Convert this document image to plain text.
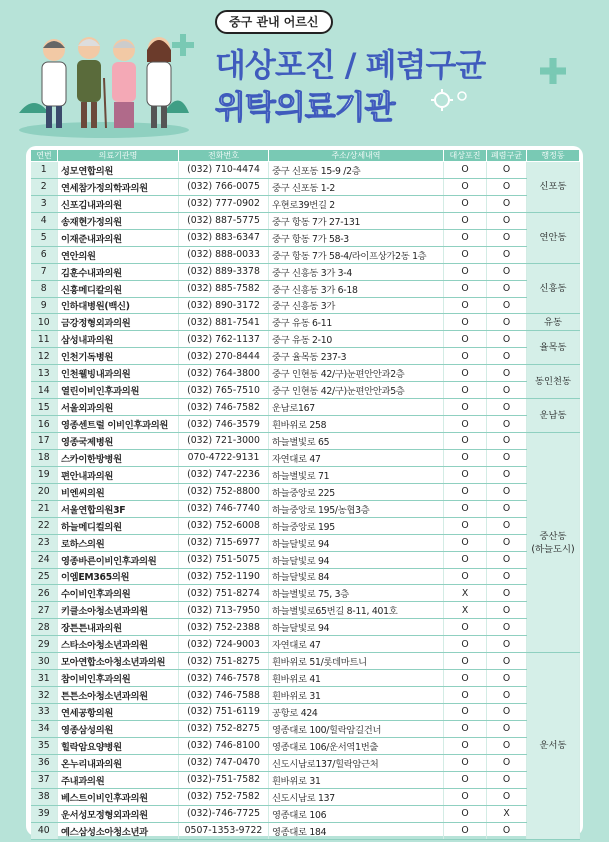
중구 관내 어르신
대상포진 / 폐렴구균
위탁의료기관
연번	의료기관명	전화번호	주소/상세내역	대상포진	폐렴구균	행정동
1	성모연합의원	(032) 710-4474	중구 신포동 15-9 /2층	O	O	신포동
2	연세참가정의학과의원	(032) 766-0075	중구 신포동 1-2	O	O	
3	신포김내과의원	(032) 777-0902	우현로39번길 2	O	O	
4	송재현가정의원	(032) 887-5775	중구 항동 7가 27-131	O	O	연안동
5	이재준내과의원	(032) 883-6347	중구 항동 7가 58-3	O	O	
6	연안의원	(032) 888-0033	중구 항동 7가 58-4/라이프상가2동 1층	O	O	
7	김훈수내과의원	(032) 889-3378	중구 신흥동 3가 3-4	O	O	신흥동
8	신흥메디칼의원	(032) 885-7582	중구 신흥동 3가 6-18	O	O	
9	인하대병원(백신)	(032) 890-3172	중구 신흥동 3가	O	O	
10	금강정형외과의원	(032) 881-7541	중구 유동 6-11	O	O	유동
11	삼성내과의원	(032) 762-1137	중구 유동 2-10	O	O	율목동
12	인천기독병원	(032) 270-8444	중구 율목동 237-3	O	O	
13	인천웰빙내과의원	(032) 764-3800	중구 인현동 42/구)눈편안안과2층	O	O	동인천동
14	열린이비인후과의원	(032) 765-7510	중구 인현동 42/구)눈편안안과5층	O	O	
15	서울외과의원	(032) 746-7582	운남로167	O	O	운남동
16	영종센트럴 이비인후과의원	(032) 746-3579	흰바위로 258	O	O	
17	영종국제병원	(032) 721-3000	하늘별빛로 65	O	O	중산동
(하늘도시)
18	스카이한방병원	070-4722-9131	자연대로 47	O	O	
19	편안내과의원	(032) 747-2236	하늘별빛로 71	O	O	
20	비엔씨의원	(032) 752-8800	하늘중앙로 225	O	O	
21	서울연합의원3F	(032) 746-7740	하늘중앙로 195/농협3층	O	O	
22	하늘메디컬의원	(032) 752-6008	하늘중앙로 195	O	O	
23	로하스의원	(032) 715-6977	하늘달빛로 94	O	O	
24	영종바른이비인후과의원	(032) 751-5075	하늘달빛로 94	O	O	
25	이엠EM365의원	(032) 752-1190	하늘달빛로 84	O	O	
26	수이비인후과의원	(032) 751-8274	하늘별빛로 75, 3층	X	O	
27	키클소아청소년과의원	(032) 713-7950	하늘별빛로65번길 8-11, 401호	X	O	
28	장튼튼내과의원	(032) 752-2388	하늘달빛로 94	O	O	
29	스타소아청소년과의원	(032) 724-9003	자연대로 47	O	O	
30	모아연합소아청소년과의원	(032) 751-8275	흰바위로 51/롯데마트니	O	O	운서동
31	참이비인후과의원	(032) 746-7578	흰바위로 41	O	O	
32	튼튼소아청소년과의원	(032) 746-7588	흰바위로 31	O	O	
33	연세공항의원	(032) 751-6119	공항로 424	O	O	
34	영종삼성의원	(032) 752-8275	영종대로 100/힐락암길건너	O	O	
35	힐락암요양병원	(032) 746-8100	영종대로 106/운서역1번출	O	O	
36	온누리내과의원	(032) 747-0470	신도시남로137/힐락암근처	O	O	
37	주내과의원	(032)-751-7582	흰바위로 31	O	O	
38	베스트이비인후과의원	(032) 752-7582	신도시남로 137	O	O	
39	운서성모정형외과의원	(032)-746-7725	영종대로 106	O	X	
40	예스삼성소아청소년과	0507-1353-9722	영종대로 184	O	O	
